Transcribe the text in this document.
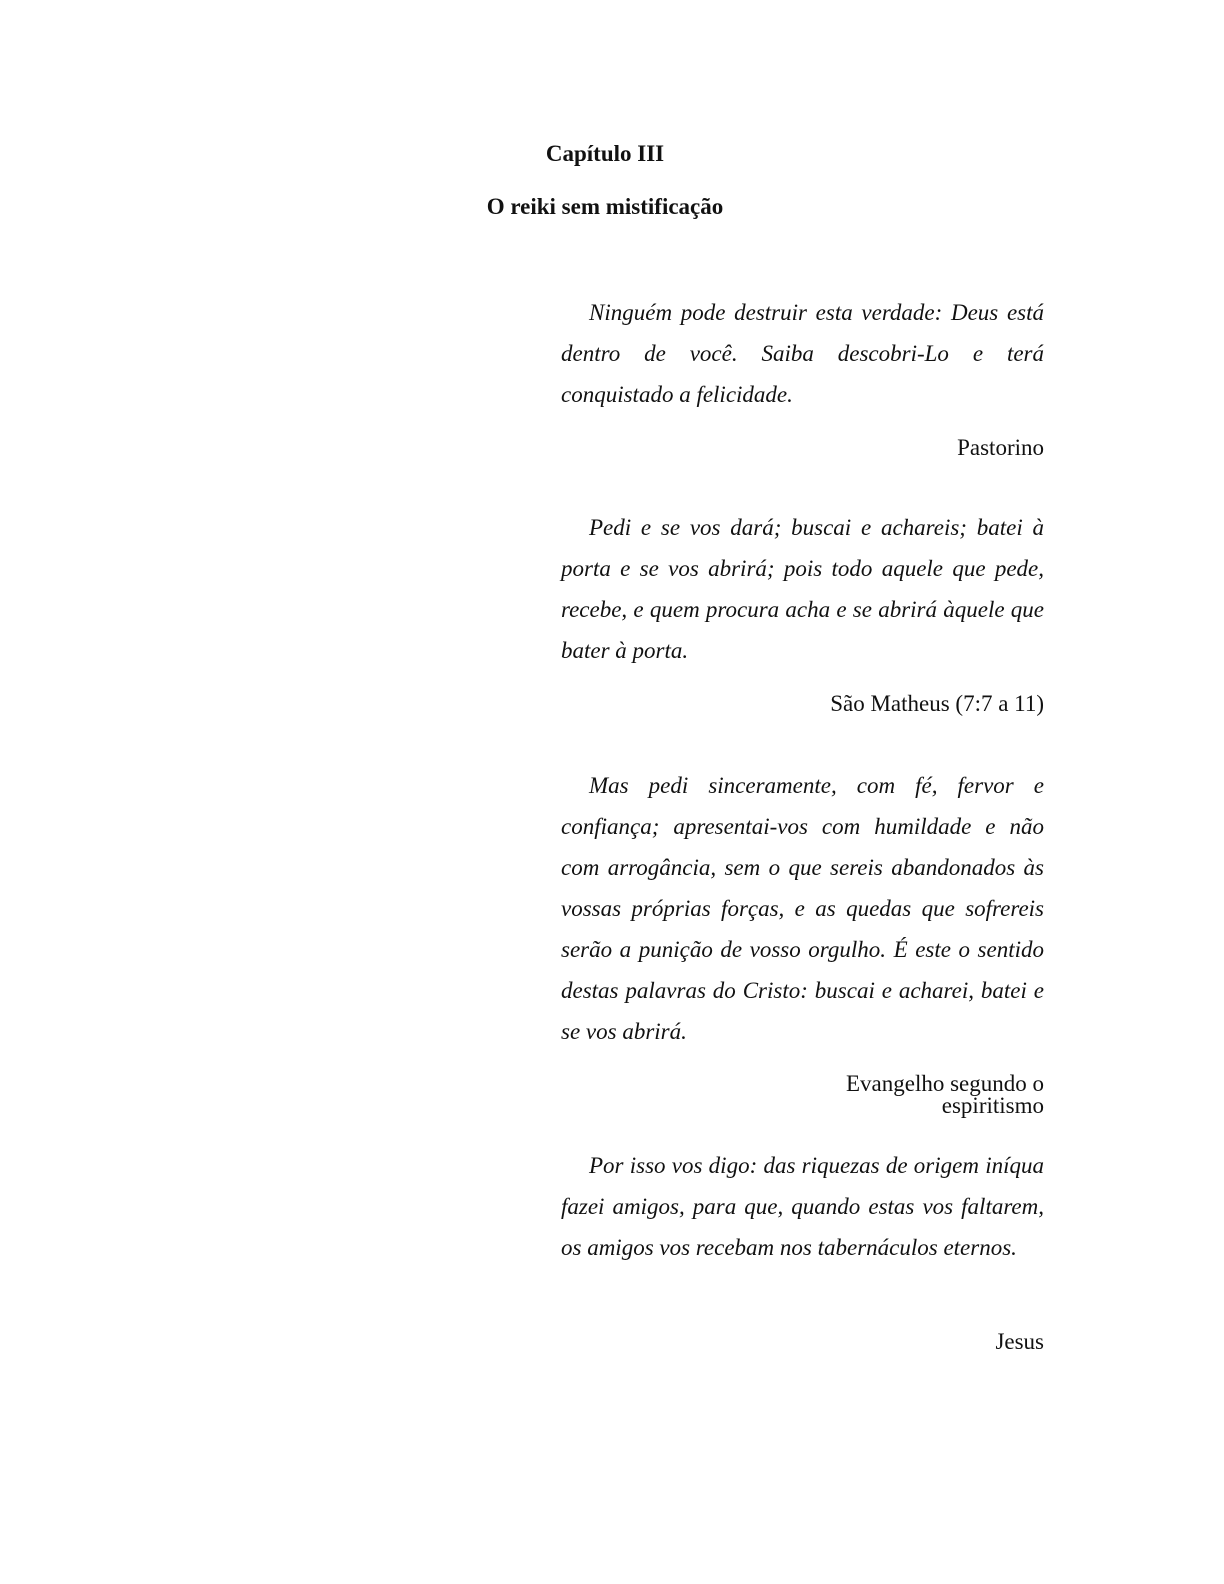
Capítulo III
O reiki sem mistificação

Ninguém pode destruir esta verdade: Deus está dentro de você. Saiba descobri-Lo e terá conquistado a felicidade.

Pastorino

Pedi e se vos dará; buscai e achareis; batei à porta e se vos abrirá; pois todo aquele que pede, recebe, e quem procura acha e se abrirá àquele que bater à porta.

São Matheus (7:7 a 11)

Mas pedi sinceramente, com fé, fervor e confiança; apresentai-vos com humildade e não com arrogância, sem o que sereis abandonados às vossas próprias forças, e as quedas que sofrereis serão a punição de vosso orgulho. É este o sentido destas palavras do Cristo: buscai e acharei, batei e se vos abrirá.

Evangelho segundo o
espiritismo

Por isso vos digo: das riquezas de origem iníqua fazei amigos, para que, quando estas vos faltarem, os amigos vos recebam nos tabernáculos eternos.

Jesus
